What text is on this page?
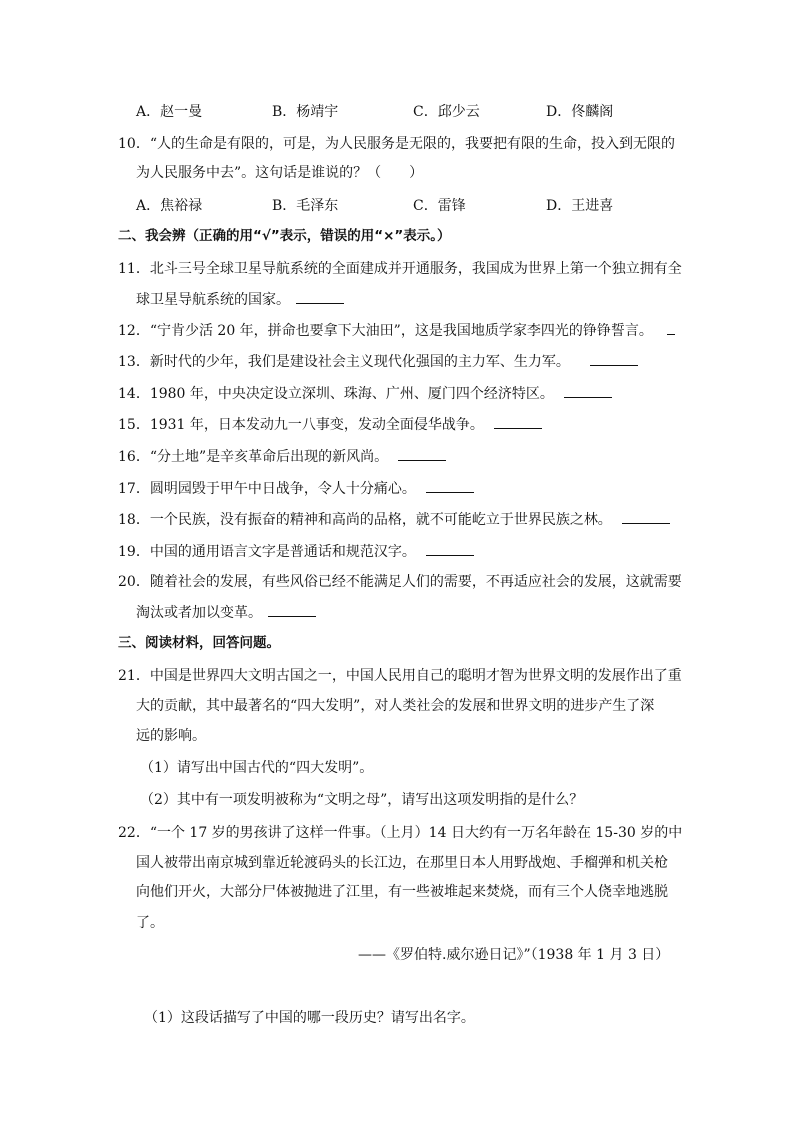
A．赵一曼	B．杨靖宇	C．邱少云	D．佟麟阁
10．“人的生命是有限的，可是，为人民服务是无限的，我要把有限的生命，投入到无限的
为人民服务中去”。这句话是谁说的？（　　）
A．焦裕禄	B．毛泽东	C．雷锋	D．王进喜
二、我会辨（正确的用“√”表示，错误的用“×”表示。）
11．北斗三号全球卫星导航系统的全面建成并开通服务，我国成为世界上第一个独立拥有全
球卫星导航系统的国家。
12．“宁肯少活 20 年，拼命也要拿下大油田”，这是我国地质学家李四光的铮铮誓言。
13．新时代的少年，我们是建设社会主义现代化强国的主力军、生力军。
14．1980 年，中央决定设立深圳、珠海、广州、厦门四个经济特区。
15．1931 年，日本发动九一八事变，发动全面侵华战争。
16．“分土地”是辛亥革命后出现的新风尚。
17．圆明园毁于甲午中日战争，令人十分痛心。
18．一个民族，没有振奋的精神和高尚的品格，就不可能屹立于世界民族之林。
19．中国的通用语言文字是普通话和规范汉字。
20．随着社会的发展，有些风俗已经不能满足人们的需要，不再适应社会的发展，这就需要
淘汰或者加以变革。
三、阅读材料，回答问题。
21．中国是世界四大文明古国之一，中国人民用自己的聪明才智为世界文明的发展作出了重
大的贡献，其中最著名的“四大发明”，对人类社会的发展和世界文明的进步产生了深
远的影响。
（1）请写出中国古代的“四大发明”。
（2）其中有一项发明被称为“文明之母”，请写出这项发明指的是什么？
22．“一个 17 岁的男孩讲了这样一件事。（上月）14 日大约有一万名年龄在 15-30 岁的中
国人被带出南京城到靠近轮渡码头的长江边，在那里日本人用野战炮、手榴弹和机关枪
向他们开火，大部分尸体被抛进了江里，有一些被堆起来焚烧，而有三个人侥幸地逃脱
了。
——《罗伯特.威尔逊日记》”（1938 年 1 月 3 日）
（1）这段话描写了中国的哪一段历史？请写出名字。
